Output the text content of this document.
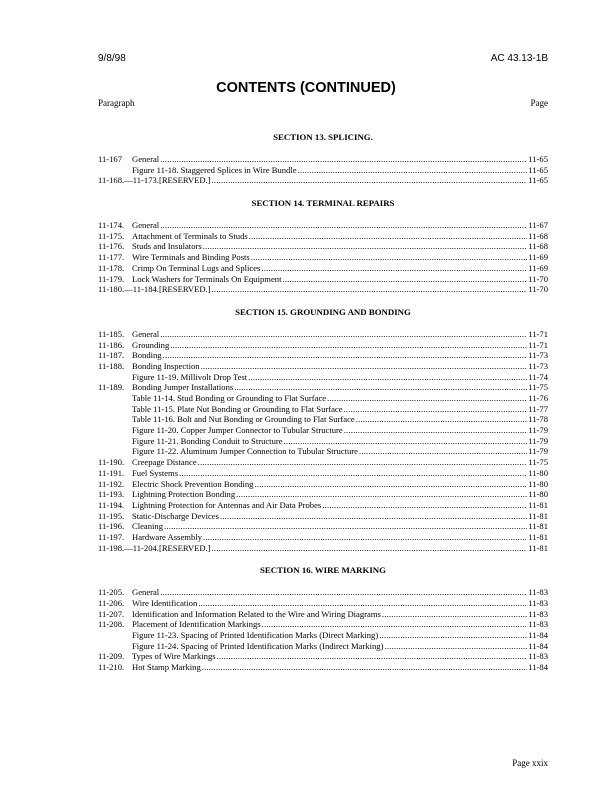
9/8/98	AC 43.13-1B
CONTENTS (CONTINUED)
Paragraph	Page
SECTION 13. SPLICING.
11-167	General .....	11-65
Figure 11-18. Staggered Splices in Wire Bundle .....	11-65
11-168.—11-173. [RESERVED.] .....	11-65
SECTION 14. TERMINAL REPAIRS
11-174. General .....	11-67
11-175. Attachment of Terminals to Studs .....	11-68
11-176. Studs and Insulators .....	11-68
11-177. Wire Terminals and Binding Posts .....	11-69
11-178. Crimp On Terminal Lugs and Splices .....	11-69
11-179. Lock Washers for Terminals On Equipment .....	11-70
11-180.—11-184. [RESERVED.] .....	11-70
SECTION 15. GROUNDING AND BONDING
11-185. General .....	11-71
11-186. Grounding .....	11-71
11-187. Bonding .....	11-73
11-188. Bonding Inspection .....	11-73
Figure 11-19. Millivolt Drop Test .....	11-74
11-189. Bonding Jumper Installations .....	11-75
Table 11-14. Stud Bonding or Grounding to Flat Surface .....	11-76
Table 11-15. Plate Nut Bonding or Grounding to Flat Surface .....	11-77
Table 11-16. Bolt and Nut Bonding or Grounding to Flat Surface .....	11-78
Figure 11-20. Copper Jumper Connector to Tubular Structure .....	11-79
Figure 11-21. Bonding Conduit to Structure .....	11-79
Figure 11-22. Aluminum Jumper Connection to Tubular Structure .....	11-79
11-190. Creepage Distance .....	11-75
11-191. Fuel Systems .....	11-80
11-192. Electric Shock Prevention Bonding .....	11-80
11-193. Lightning Protection Bonding .....	11-80
11-194. Lightning Protection for Antennas and Air Data Probes .....	11-81
11-195. Static-Discharge Devices .....	11-81
11-196. Cleaning .....	11-81
11-197. Hardware Assembly .....	11-81
11-198.—11-204. [RESERVED.] .....	11-81
SECTION 16. WIRE MARKING
11-205. General .....	11-83
11-206. Wire Identification .....	11-83
11-207. Identification and Information Related to the Wire and Wiring Diagrams .....	11-83
11-208. Placement of Identification Markings .....	11-83
Figure 11-23. Spacing of Printed Identification Marks (Direct Marking) .....	11-84
Figure 11-24. Spacing of Printed Identification Marks (Indirect Marking) .....	11-84
11-209. Types of Wire Markings .....	11-83
11-210. Hot Stamp Marking .....	11-84
Page xxix
